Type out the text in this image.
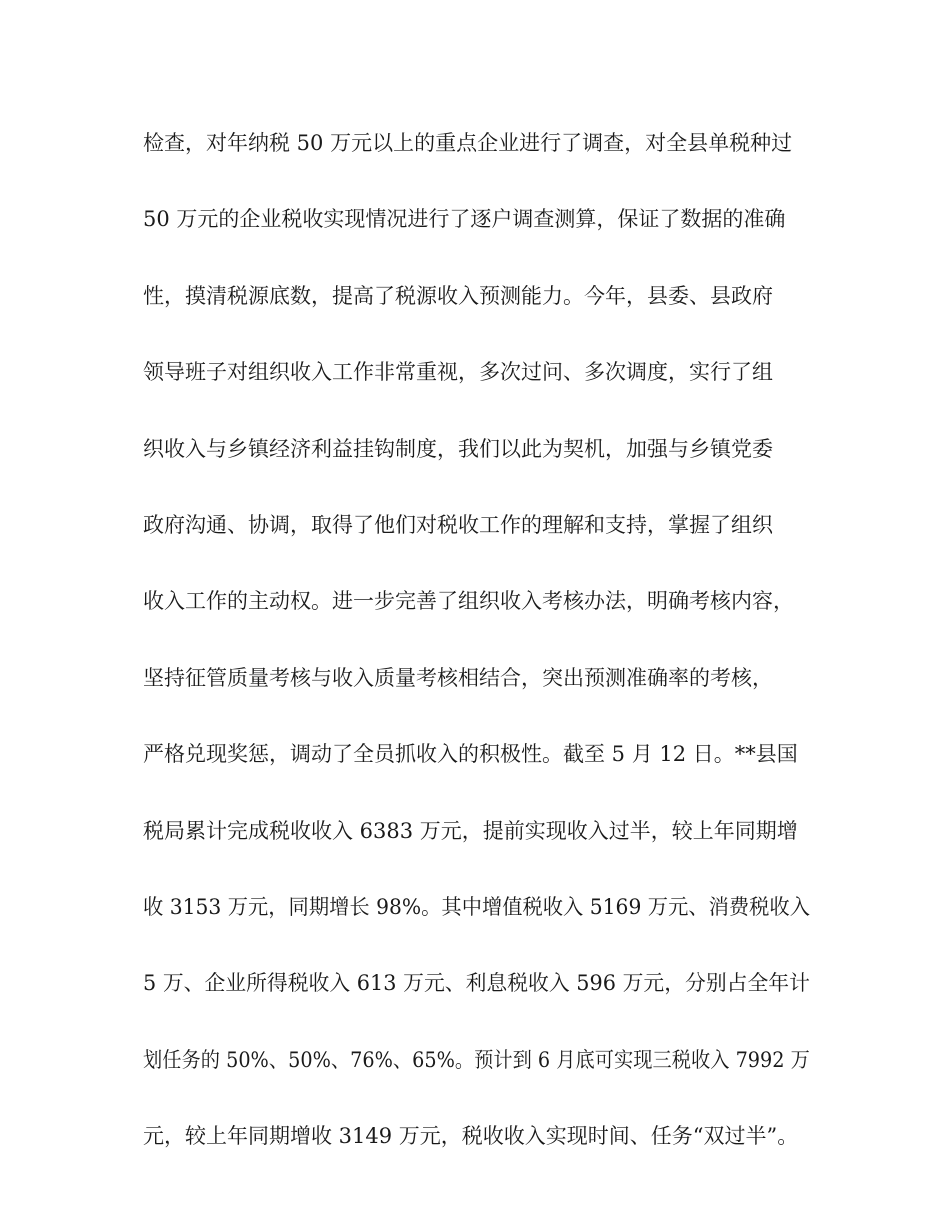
检查，对年纳税 50 万元以上的重点企业进行了调查，对全县单税种过

50 万元的企业税收实现情况进行了逐户调查测算，保证了数据的准确

性，摸清税源底数，提高了税源收入预测能力。今年，县委、县政府

领导班子对组织收入工作非常重视，多次过问、多次调度，实行了组

织收入与乡镇经济利益挂钩制度，我们以此为契机，加强与乡镇党委

政府沟通、协调，取得了他们对税收工作的理解和支持，掌握了组织

收入工作的主动权。进一步完善了组织收入考核办法，明确考核内容，

坚持征管质量考核与收入质量考核相结合，突出预测准确率的考核，

严格兑现奖惩，调动了全员抓收入的积极性。截至 5 月 12 日。**县国

税局累计完成税收收入 6383 万元，提前实现收入过半，较上年同期增

收 3153 万元，同期增长 98%。其中增值税收入 5169 万元、消费税收入

5 万、企业所得税收入 613 万元、利息税收入 596 万元，分别占全年计

划任务的 50%、50%、76%、65%。预计到 6 月底可实现三税收入 7992 万

元，较上年同期增收 3149 万元，税收收入实现时间、任务“双过半”。
